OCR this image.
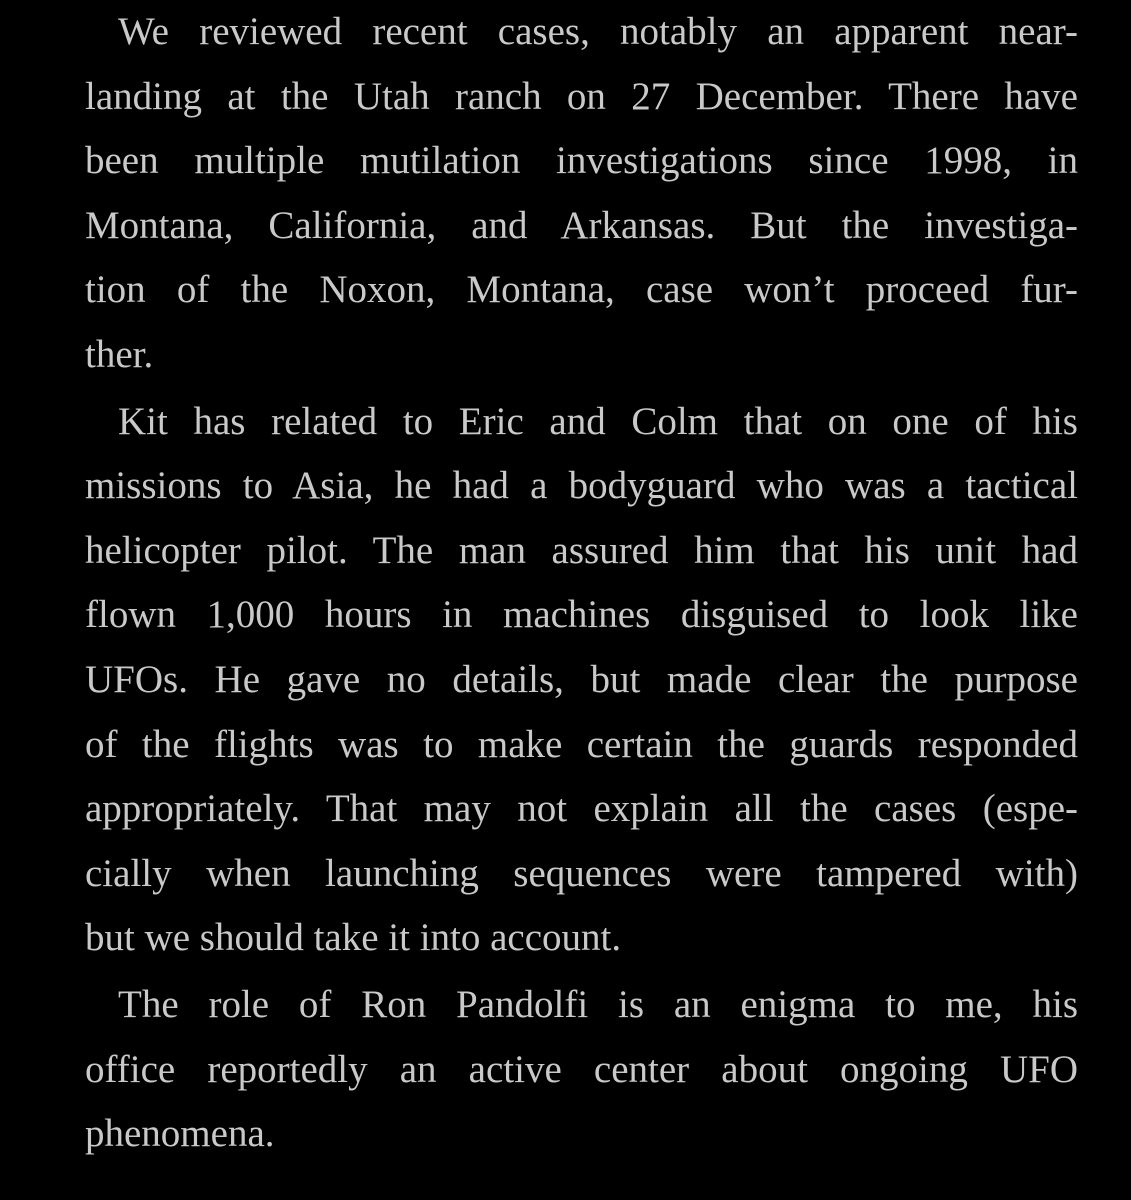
We reviewed recent cases, notably an apparent near-
landing at the Utah ranch on 27 December. There have
been multiple mutilation investigations since 1998, in
Montana, California, and Arkansas. But the investiga-
tion of the Noxon, Montana, case won’t proceed fur-
ther.
Kit has related to Eric and Colm that on one of his
missions to Asia, he had a bodyguard who was a tactical
helicopter pilot. The man assured him that his unit had
flown 1,000 hours in machines disguised to look like
UFOs. He gave no details, but made clear the purpose
of the flights was to make certain the guards responded
appropriately. That may not explain all the cases (espe-
cially when launching sequences were tampered with)
but we should take it into account.
The role of Ron Pandolfi is an enigma to me, his
office reportedly an active center about ongoing UFO
phenomena.
